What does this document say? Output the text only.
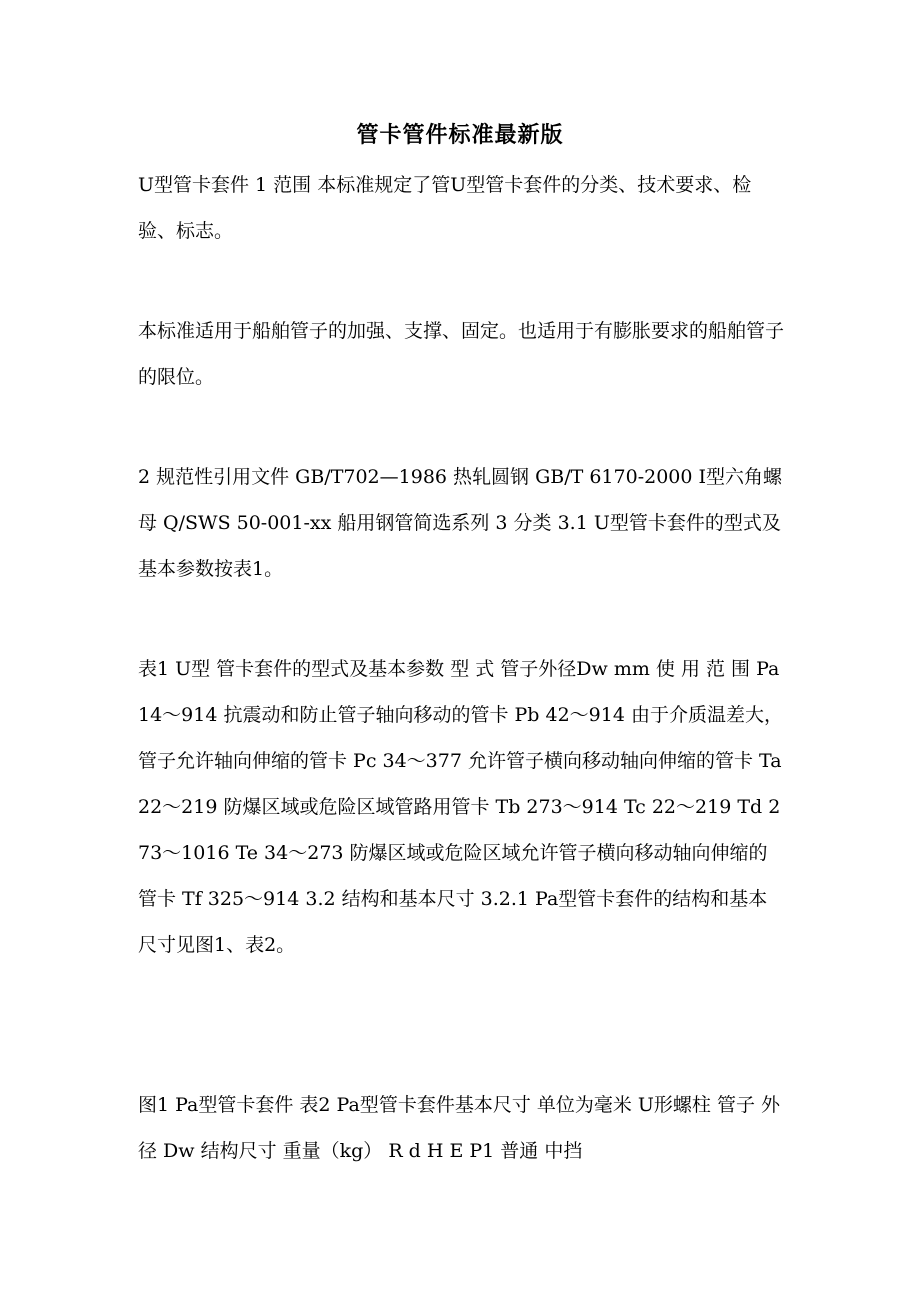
管卡管件标准最新版
U型管卡套件 1 范围 本标准规定了管U型管卡套件的分类、技术要求、检验、标志。
本标准适用于船舶管子的加强、支撑、固定。也适用于有膨胀要求的船舶管子的限位。
2 规范性引用文件 GB/T702—1986 热轧圆钢 GB/T 6170-2000 Ⅰ型六角螺母 Q/SWS 50-001-xx 船用钢管简选系列 3 分类 3.1 U型管卡套件的型式及基本参数按表1。
表1 U型 管卡套件的型式及基本参数 型 式 管子外径Dw mm 使 用 范 围 Pa 14～914 抗震动和防止管子轴向移动的管卡 Pb 42～914 由于介质温差大，管子允许轴向伸缩的管卡 Pc 34～377 允许管子横向移动轴向伸缩的管卡 Ta 22～219 防爆区域或危险区域管路用管卡 Tb 273～914 Tc 22～219 Td 273～1016 Te 34～273 防爆区域或危险区域允许管子横向移动轴向伸缩的管卡 Tf 325～914 3.2 结构和基本尺寸 3.2.1 Pa型管卡套件的结构和基本尺寸见图1、表2。
图1 Pa型管卡套件 表2 Pa型管卡套件基本尺寸 单位为毫米 U形螺柱 管子 外径 Dw 结构尺寸 重量（kg） R d H E P1 普通 中挡
